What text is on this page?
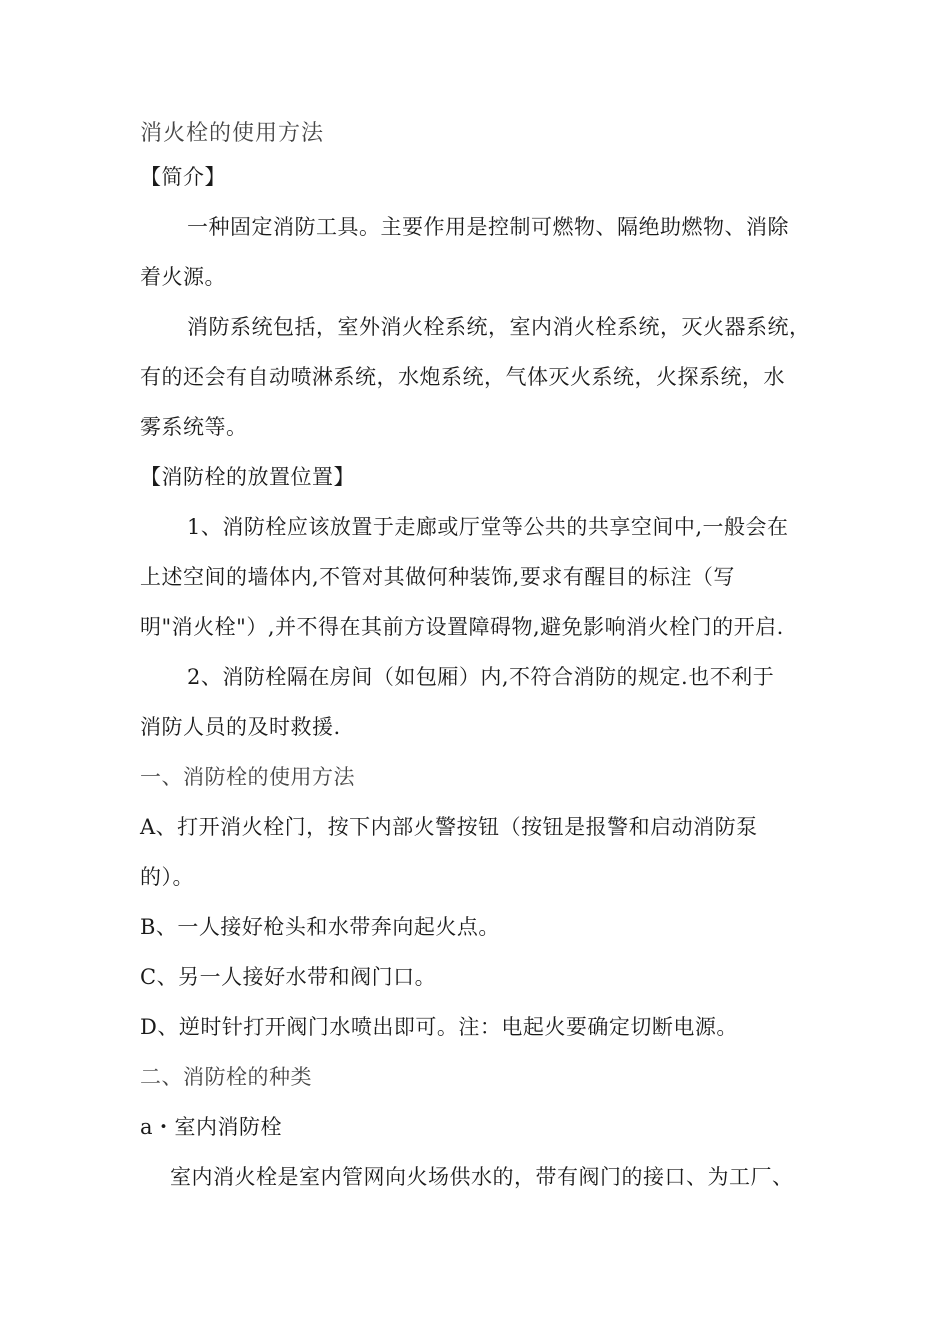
消火栓的使用方法
【简介】
一种固定消防工具。主要作用是控制可燃物、隔绝助燃物、消除
着火源。
消防系统包括，室外消火栓系统，室内消火栓系统，灭火器系统，
有的还会有自动喷淋系统，水炮系统，气体灭火系统，火探系统，水
雾系统等。
【消防栓的放置位置】
1、消防栓应该放置于走廊或厅堂等公共的共享空间中,一般会在
上述空间的墙体内,不管对其做何种装饰,要求有醒目的标注（写
明"消火栓"）,并不得在其前方设置障碍物,避免影响消火栓门的开启.
2、消防栓隔在房间（如包厢）内,不符合消防的规定.也不利于
消防人员的及时救援.
一、消防栓的使用方法
A、打开消火栓门，按下内部火警按钮（按钮是报警和启动消防泵
的）。
B、一人接好枪头和水带奔向起火点。
C、另一人接好水带和阀门口。
D、逆时针打开阀门水喷出即可。注：电起火要确定切断电源。
二、消防栓的种类
a・室内消防栓
室内消火栓是室内管网向火场供水的，带有阀门的接口、为工厂、
